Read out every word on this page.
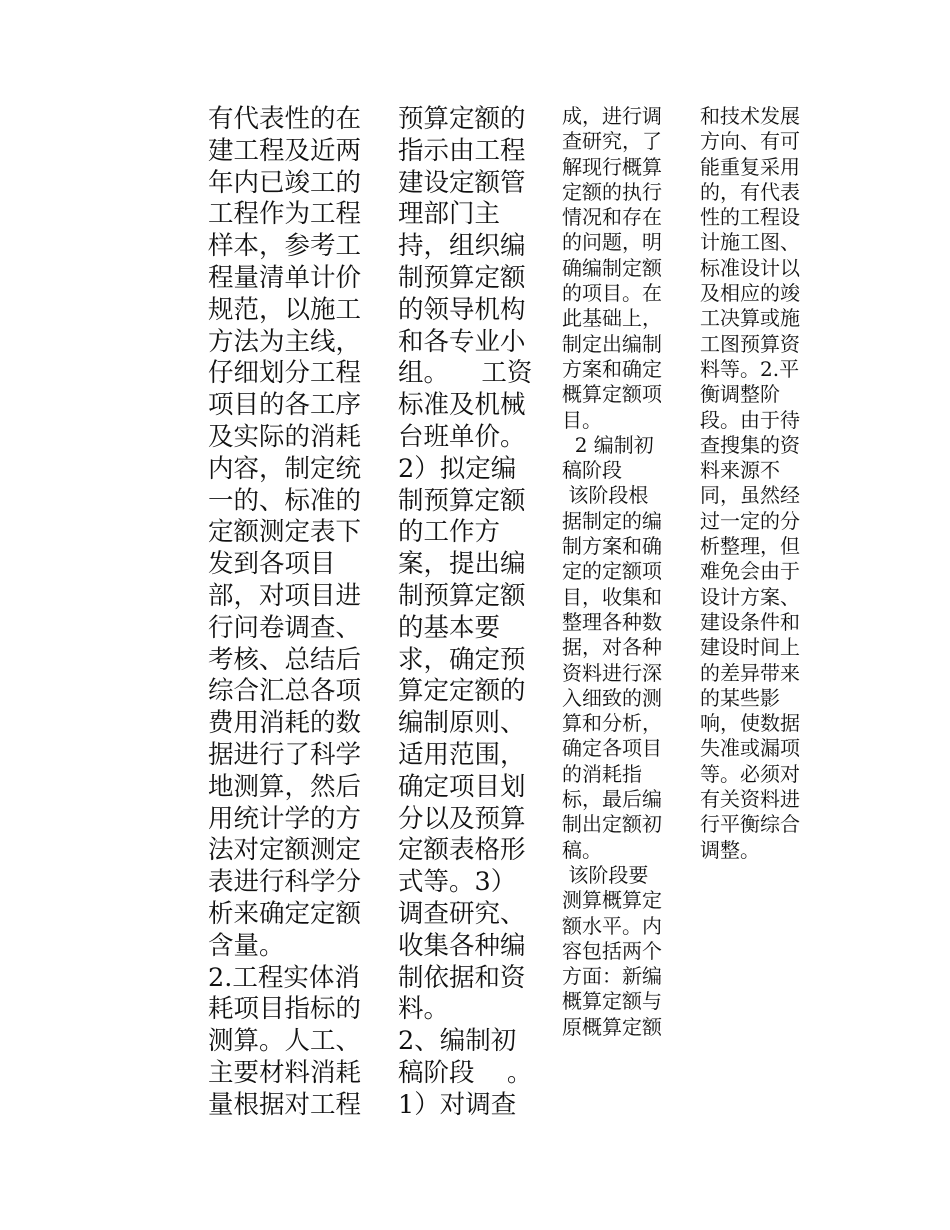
有代表性的在
建工程及近两
年内已竣工的
工程作为工程
样本，参考工
程量清单计价
规范，以施工
方法为主线，
仔细划分工程
项目的各工序
及实际的消耗
内容，制定统
一的、标准的
定额测定表下
发到各项目
部，对项目进
行问卷调查、
考核、总结后
综合汇总各项
费用消耗的数
据进行了科学
地测算，然后
用统计学的方
法对定额测定
表进行科学分
析来确定定额
含量。
2.工程实体消
耗项目指标的
测算。人工、
主要材料消耗
量根据对工程
预算定额的
指示由工程
建设定额管
理部门主
持，组织编
制预算定额
的领导机构
和各专业小
组。    工资
标准及机械
台班单价。
2）拟定编
制预算定额
的工作方
案，提出编
制预算定额
的基本要
求，确定预
算定定额的
编制原则、
适用范围，
确定项目划
分以及预算
定额表格形
式等。3）
调查研究、
收集各种编
制依据和资
料。
2、编制初
稿阶段    。
1）对调查
成，进行调
查研究，了
解现行概算
定额的执行
情况和存在
的问题，明
确编制定额
的项目。在
此基础上，
制定出编制
方案和确定
概算定额项
目。
2 编制初
稿阶段
该阶段根
据制定的编
制方案和确
定的定额项
目，收集和
整理各种数
据，对各种
资料进行深
入细致的测
算和分析，
确定各项目
的消耗指
标，最后编
制出定额初
稿。
该阶段要
测算概算定
额水平。内
容包括两个
方面：新编
概算定额与
原概算定额
和技术发展
方向、有可
能重复采用
的，有代表
性的工程设
计施工图、
标准设计以
及相应的竣
工决算或施
工图预算资
料等。2.平
衡调整阶
段。由于待
查搜集的资
料来源不
同，虽然经
过一定的分
析整理，但
难免会由于
设计方案、
建设条件和
建设时间上
的差异带来
的某些影
响，使数据
失准或漏项
等。必须对
有关资料进
行平衡综合
调整。
